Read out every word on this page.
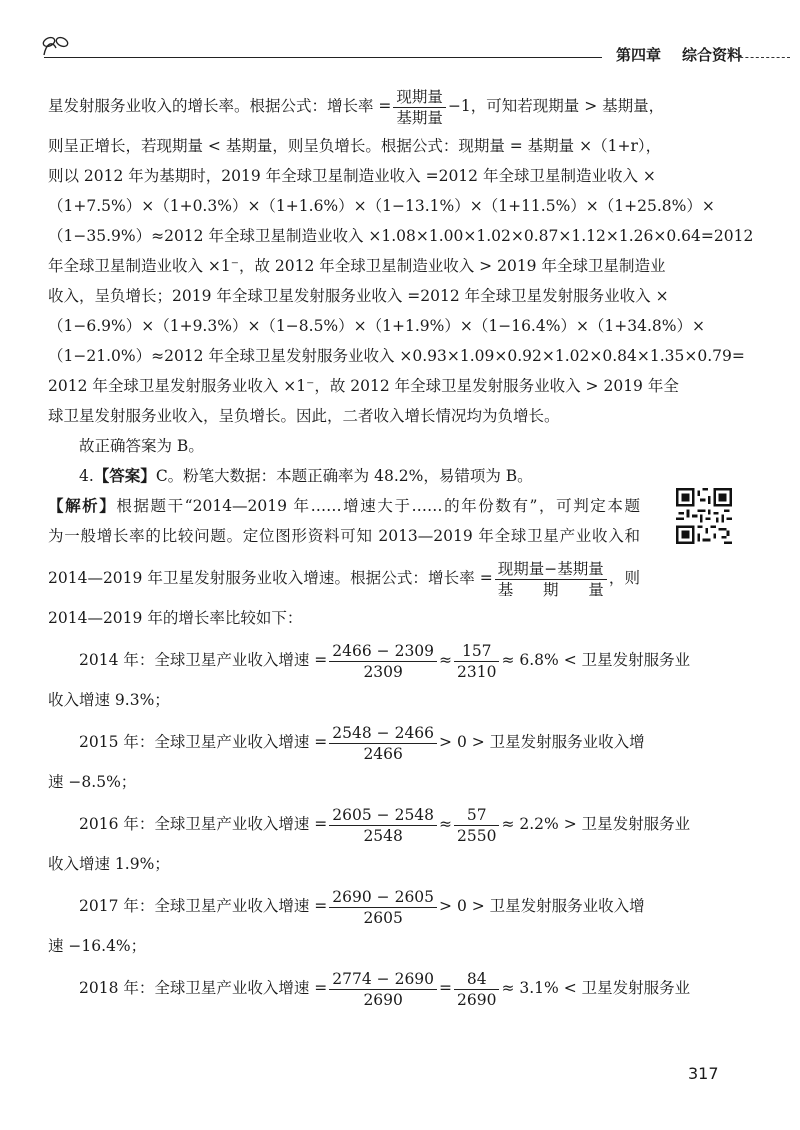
第四章 综合资料
星发射服务业收入的增长率。根据公式：增长率 = $\frac{\text{现期量}}{\text{基期量}} -1$，可知若现期量 > 基期量，
则呈正增长，若现期量 < 基期量，则呈负增长。根据公式：现期量 = 基期量 ×（1+r），
则以 2012 年为基期时，2019 年全球卫星制造业收入 =2012 年全球卫星制造业收入 ×
（1+7.5%）×（1+0.3%）×（1+1.6%）×（1−13.1%）×（1+11.5%）×（1+25.8%）×
（1−35.9%）≈2012 年全球卫星制造业收入 ×1.08×1.00×1.02×0.87×1.12×1.26×0.64=2012
年全球卫星制造业收入 ×1⁻，故 2012 年全球卫星制造业收入 > 2019 年全球卫星制造业
收入，呈负增长；2019 年全球卫星发射服务业收入 =2012 年全球卫星发射服务业收入 ×
（1−6.9%）×（1+9.3%）×（1−8.5%）×（1+1.9%）×（1−16.4%）×（1+34.8%）×
（1−21.0%）≈2012 年全球卫星发射服务业收入 ×0.93×1.09×0.92×1.02×0.84×1.35×0.79=
2012 年全球卫星发射服务业收入 ×1⁻，故 2012 年全球卫星发射服务业收入 > 2019 年全
球卫星发射服务业收入，呈负增长。因此，二者收入增长情况均为负增长。
故正确答案为 B。
4.【答案】C。粉笔大数据：本题正确率为 48.2%，易错项为 B。
【解析】根据题干“2014—2019 年……增速大于……的年份数有”，可判定本题
为一般增长率的比较问题。定位图形资料可知 2013—2019 年全球卫星产业收入和
2014—2019 年卫星发射服务业收入增速。根据公式：增长率 = $\frac{\text{现期量−基期量}}{\text{基期量}}$ ，则
2014—2019 年的增长率比较如下：
2014 年：全球卫星产业收入增速 = $\frac{2466 - 2309}{2309} \approx \frac{157}{2310} \approx 6.8\%$ < 卫星发射服务业
收入增速 9.3%；
2015 年：全球卫星产业收入增速 = $\frac{2548 - 2466}{2466} > 0$ > 卫星发射服务业收入增
速 −8.5%；
2016 年：全球卫星产业收入增速 = $\frac{2605 - 2548}{2548} \approx \frac{57}{2550} \approx 2.2\%$ > 卫星发射服务业
收入增速 1.9%；
2017 年：全球卫星产业收入增速 = $\frac{2690 - 2605}{2605} > 0$ > 卫星发射服务业收入增
速 −16.4%；
2018 年：全球卫星产业收入增速 = $\frac{2774 - 2690}{2690} = \frac{84}{2690} \approx 3.1\%$ < 卫星发射服务业
317
